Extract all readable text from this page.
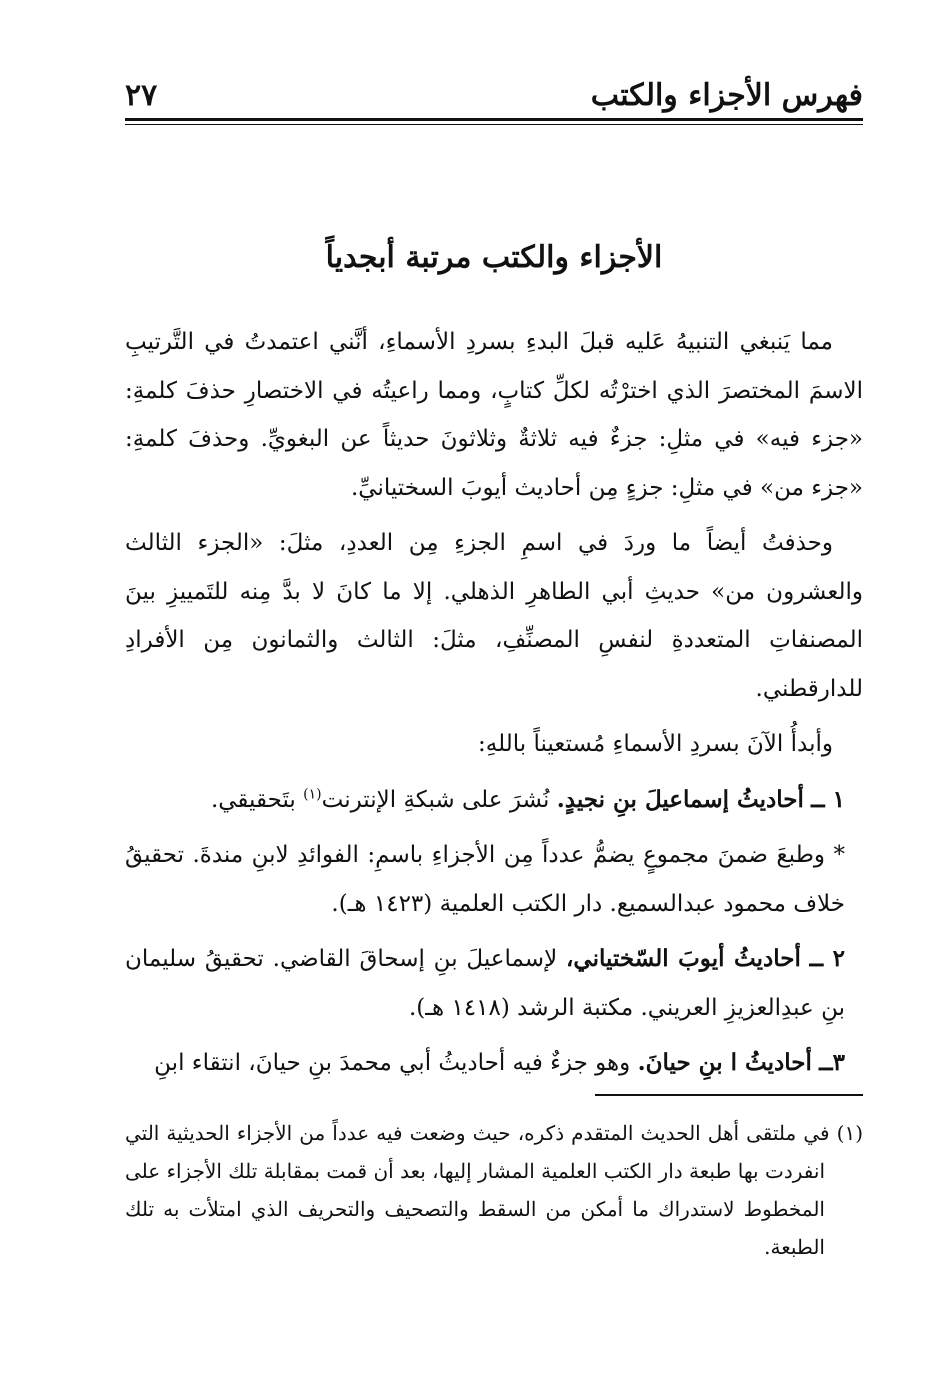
فهرس الأجزاء والكتب
٢٧
الأجزاء والكتب مرتبة أبجدياً

مما يَنبغي التنبيهُ عَليه قبلَ البدءِ بسردِ الأسماءِ، أنَّني اعتمدتُ في التَّرتيبِ الاسمَ المختصرَ الذي اخترْتُه لكلِّ كتابٍ، ومما راعيتُه في الاختصارِ حذفَ كلمةِ: «جزء فيه» في مثلِ: جزءٌ فيه ثلاثةٌ وثلاثونَ حديثاً عن البغويِّ. وحذفَ كلمةِ: «جزء من» في مثلِ: جزءٍ مِن أحاديث أيوبَ السختيانيِّ.

وحذفتُ أيضاً ما وردَ في اسمِ الجزءِ مِن العددِ، مثلَ: «الجزء الثالث والعشرون من» حديثِ أبي الطاهرِ الذهلي. إلا ما كانَ لا بدَّ مِنه للتَمييزِ بينَ المصنفاتِ المتعددةِ لنفسِ المصنِّفِ، مثلَ: الثالث والثمانون مِن الأفرادِ للدارقطني.

وأبدأُ الآنَ بسردِ الأسماءِ مُستعيناً باللهِ:

١ ــ أحاديثُ إسماعيلَ بنِ نجيدٍ. نُشرَ على شبكةِ الإنترنت$^{(١)}$ بتَحقيقي.

* وطبعَ ضمنَ مجموعٍ يضمُّ عدداً مِن الأجزاءِ باسمِ: الفوائدِ لابنِ مندةَ. تحقيقُ خلاف محمود عبدالسميع. دار الكتب العلمية (١٤٢٣ هـ).

٢ ــ أحاديثُ أيوبَ السّختياني، لإسماعيلَ بنِ إسحاقَ القاضي. تحقيقُ سليمان بنِ عبدِالعزيزِ العريني. مكتبة الرشد (١٤١٨ هـ).

٣ــ أحاديثُ ا بنِ حيانَ. وهو جزءٌ فيه أحاديثُ أبي محمدَ بنِ حيانَ، انتقاء ابنِ

(١) في ملتقى أهل الحديث المتقدم ذكره، حيث وضعت فيه عدداً من الأجزاء الحديثية التي انفردت بها طبعة دار الكتب العلمية المشار إليها، بعد أن قمت بمقابلة تلك الأجزاء على المخطوط لاستدراك ما أمكن من السقط والتصحيف والتحريف الذي امتلأت به تلك الطبعة.
